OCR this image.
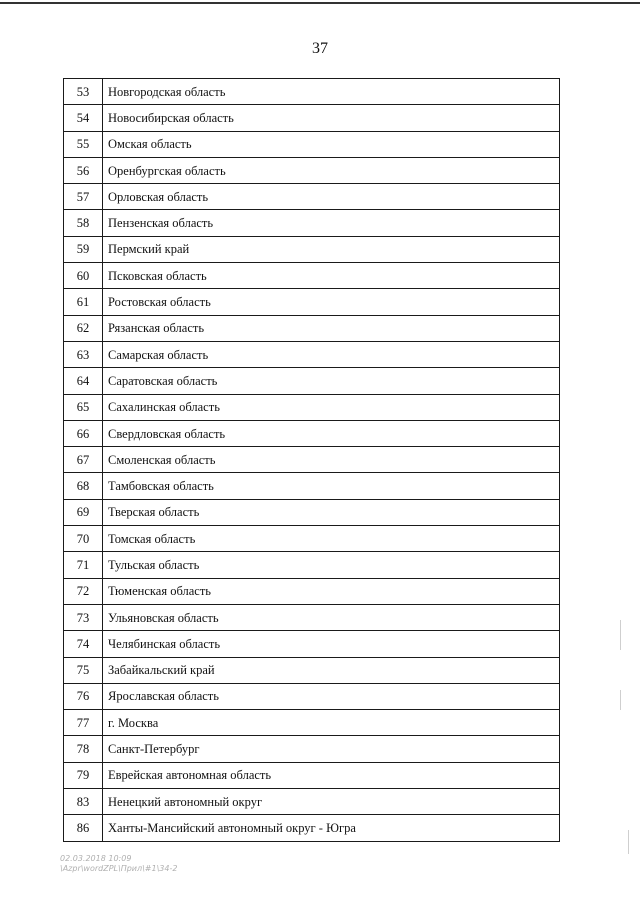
37
53	Новгородская область
54	Новосибирская область
55	Омская область
56	Оренбургская область
57	Орловская область
58	Пензенская область
59	Пермский край
60	Псковская область
61	Ростовская область
62	Рязанская область
63	Самарская область
64	Саратовская область
65	Сахалинская область
66	Свердловская область
67	Смоленская область
68	Тамбовская область
69	Тверская область
70	Томская область
71	Тульская область
72	Тюменская область
73	Ульяновская область
74	Челябинская область
75	Забайкальский край
76	Ярославская область
77	г. Москва
78	Санкт-Петербург
79	Еврейская автономная область
83	Ненецкий автономный округ
86	Ханты-Мансийский автономный округ - Югра
02.03.2018 10:09
\Azpr\wordZPL\Прил\#1\34-2
